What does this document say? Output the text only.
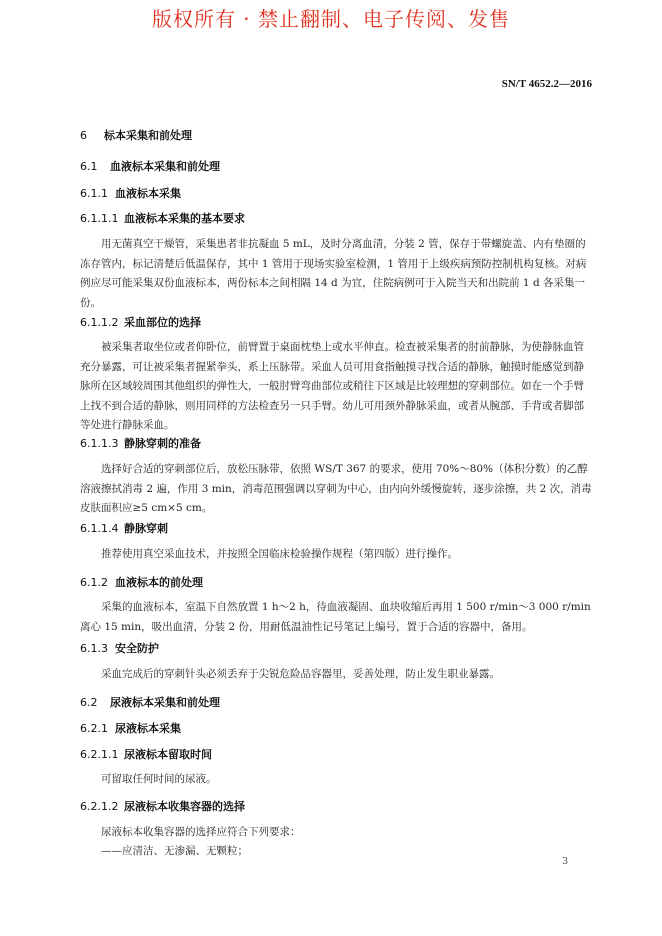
版权所有 · 禁止翻制、电子传阅、发售
SN/T 4652.2—2016
6 标本采集和前处理
6.1 血液标本采集和前处理
6.1.1 血液标本采集
6.1.1.1 血液标本采集的基本要求
用无菌真空干燥管，采集患者非抗凝血 5 mL，及时分离血清，分装 2 管，保存于带螺旋盖、内有垫圈的冻存管内，标记清楚后低温保存，其中 1 管用于现场实验室检测，1 管用于上级疾病预防控制机构复核。对病例应尽可能采集双份血液标本，两份标本之间相隔 14 d 为宜，住院病例可于入院当天和出院前 1 d 各采集一份。
6.1.1.2 采血部位的选择
被采集者取坐位或者仰卧位，前臂置于桌面枕垫上或水平伸直。检查被采集者的肘前静脉，为使静脉血管充分暴露，可让被采集者握紧拳头，系上压脉带。采血人员可用食指触摸寻找合适的静脉，触摸时能感觉到静脉所在区域较周围其他组织的弹性大，一般肘臂弯曲部位或稍往下区域是比较理想的穿刺部位。如在一个手臂上找不到合适的静脉，则用同样的方法检查另一只手臂。幼儿可用颈外静脉采血，或者从腕部、手背或者脚部等处进行静脉采血。
6.1.1.3 静脉穿刺的准备
选择好合适的穿刺部位后，放松压脉带，依照 WS/T 367 的要求，使用 70%～80%（体积分数）的乙醇溶液擦拭消毒 2 遍，作用 3 min，消毒范围强调以穿刺为中心，由内向外缓慢旋转，逐步涂擦，共 2 次，消毒皮肤面积应≥5 cm×5 cm。
6.1.1.4 静脉穿刺
推荐使用真空采血技术，并按照全国临床检验操作规程（第四版）进行操作。
6.1.2 血液标本的前处理
采集的血液标本，室温下自然放置 1 h～2 h，待血液凝固、血块收缩后再用 1 500 r/min～3 000 r/min 离心 15 min，吸出血清，分装 2 份，用耐低温油性记号笔记上编号，置于合适的容器中，备用。
6.1.3 安全防护
采血完成后的穿刺针头必须丢弃于尖锐危险品容器里，妥善处理，防止发生职业暴露。
6.2 尿液标本采集和前处理
6.2.1 尿液标本采集
6.2.1.1 尿液标本留取时间
可留取任何时间的尿液。
6.2.1.2 尿液标本收集容器的选择
尿液标本收集容器的选择应符合下列要求：
——应清洁、无渗漏、无颗粒；
3
